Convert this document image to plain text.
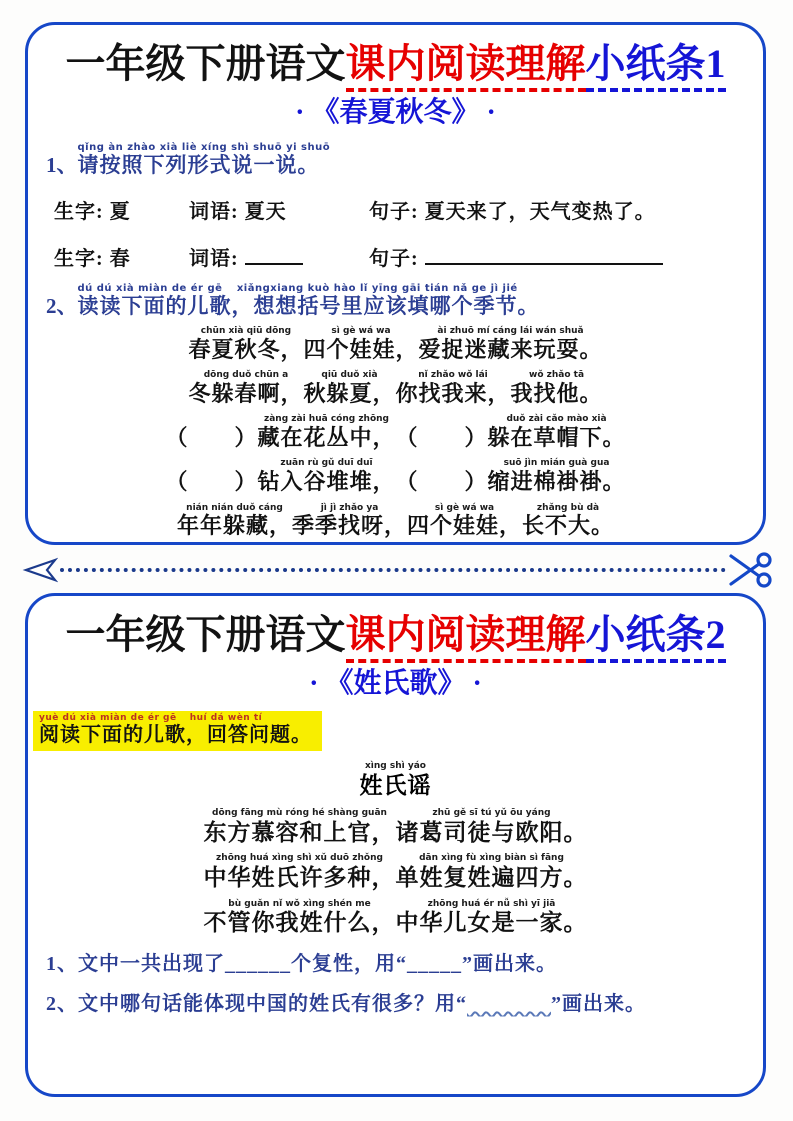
一年级下册语文课内阅读理解小纸条1
· 《春夏秋冬》 ·
1、
qǐng àn zhào xià liè xíng shì shuō yi shuō
请按照下列形式说一说。
生字: 夏	词语: 夏天	句子: 夏天来了，天气变热了。
生字: 春	词语:	句子:
2、
dú dú xià miàn de ér gē　 xiǎngxiang kuò hào lǐ yīng gāi tián nǎ ge jì jié
读读下面的儿歌，想想括号里应该填哪个季节。
chūn xià qiū dōng
春夏秋冬，
sì gè wá wa
四个娃娃，
ài zhuō mí cáng lái wán shuǎ
爱捉迷藏来玩耍。
dōng duǒ chūn a
冬躲春啊，
qiū duǒ xià
秋躲夏，
nǐ zhǎo wǒ lái
你找我来，
wǒ zhǎo tā
我找他。
（　　）
zàng zài huā cóng zhōng
藏在花丛中， （　　）
duǒ zài cǎo mào xià
躲在草帽下。
（　　）
zuān rù gǔ duī duī
钻入谷堆堆， （　　）
suō jìn mián guà gua
缩进棉褂褂。
nián nián duǒ cáng
年年躲藏，
jì jì zhǎo ya
季季找呀，
sì gè wá wa
四个娃娃，
zhǎng bù dà
长不大。
一年级下册语文课内阅读理解小纸条2
· 《姓氏歌》 ·
yuè dú xià miàn de ér gē　 huí dá wèn tí
阅读下面的儿歌，回答问题。
xìng shì yáo
姓氏谣
dōng fāng mù róng hé shàng guān
东方慕容和上官，
zhū gě sī tú yǔ ōu yáng
诸葛司徒与欧阳。
zhōng huá xìng shì xǔ duō zhǒng
中华姓氏许多种，
dān xìng fù xìng biàn sì fāng
单姓复姓遍四方。
bù guǎn nǐ wǒ xìng shén me
不管你我姓什么，
zhōng huá ér nǚ shì yī jiā
中华儿女是一家。
1、文中一共出现了______个复性，用“_____”画出来。
2、文中哪句话能体现中国的姓氏有很多？用“	”画出来。
